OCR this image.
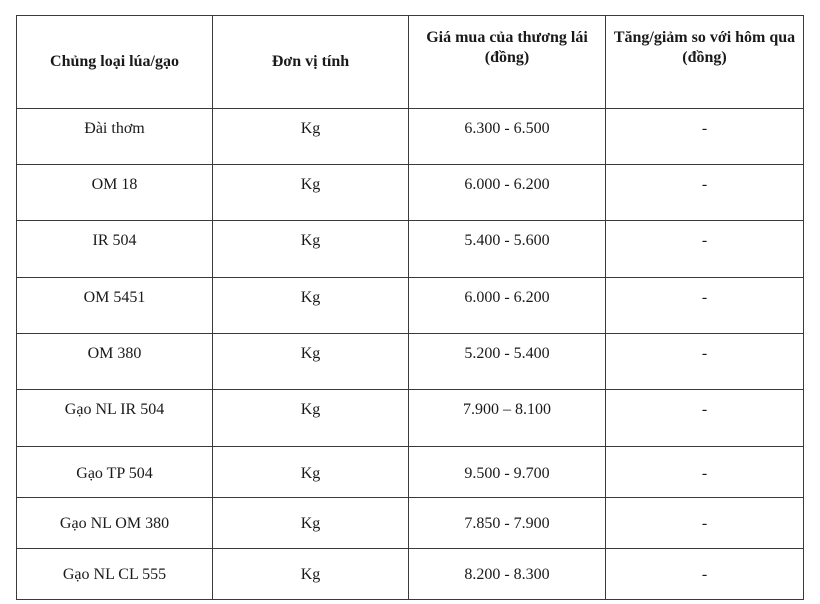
Chủng loại lúa/gạo	Đơn vị tính	Giá mua của thương lái (đồng)	Tăng/giảm so với hôm qua (đồng)
Đài thơm	Kg	6.300 - 6.500	-
OM 18	Kg	6.000 - 6.200	-
IR 504	Kg	5.400 - 5.600	-
OM 5451	Kg	6.000 - 6.200	-
OM 380	Kg	5.200 - 5.400	-
Gạo NL IR 504	Kg	7.900 – 8.100	-
Gạo TP 504	Kg	9.500 - 9.700	-
Gạo NL OM 380	Kg	7.850 - 7.900	-
Gạo NL CL 555	Kg	8.200 - 8.300	-
